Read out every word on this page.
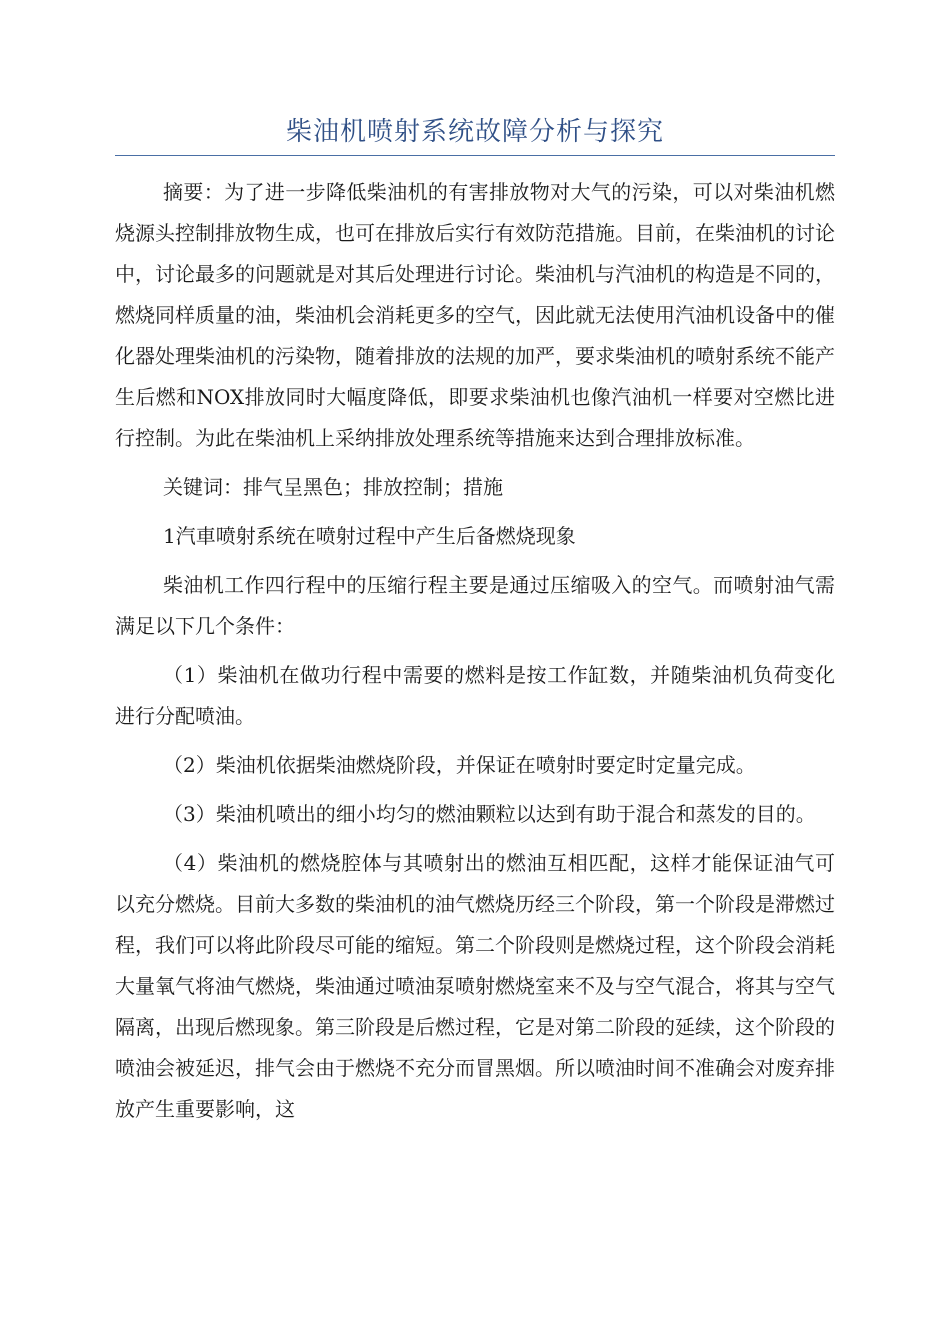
柴油机喷射系统故障分析与探究

摘要：为了进一步降低柴油机的有害排放物对大气的污染，可以对柴油机燃烧源头控制排放物生成，也可在排放后实行有效防范措施。目前，在柴油机的讨论中，讨论最多的问题就是对其后处理进行讨论。柴油机与汽油机的构造是不同的，燃烧同样质量的油，柴油机会消耗更多的空气，因此就无法使用汽油机设备中的催化器处理柴油机的污染物，随着排放的法规的加严，要求柴油机的喷射系统不能产生后燃和NOX排放同时大幅度降低，即要求柴油机也像汽油机一样要对空燃比进行控制。为此在柴油机上采纳排放处理系统等措施来达到合理排放标准。

关键词：排气呈黑色；排放控制；措施

1汽車喷射系统在喷射过程中产生后备燃烧现象

柴油机工作四行程中的压缩行程主要是通过压缩吸入的空气。而喷射油气需满足以下几个条件：

（1）柴油机在做功行程中需要的燃料是按工作缸数，并随柴油机负荷变化进行分配喷油。

（2）柴油机依据柴油燃烧阶段，并保证在喷射时要定时定量完成。

（3）柴油机喷出的细小均匀的燃油颗粒以达到有助于混合和蒸发的目的。

（4）柴油机的燃烧腔体与其喷射出的燃油互相匹配，这样才能保证油气可以充分燃烧。目前大多数的柴油机的油气燃烧历经三个阶段，第一个阶段是滞燃过程，我们可以将此阶段尽可能的缩短。第二个阶段则是燃烧过程，这个阶段会消耗大量氧气将油气燃烧，柴油通过喷油泵喷射燃烧室来不及与空气混合，将其与空气隔离，出现后燃现象。第三阶段是后燃过程，它是对第二阶段的延续，这个阶段的喷油会被延迟，排气会由于燃烧不充分而冒黑烟。所以喷油时间不准确会对废弃排放产生重要影响，这
